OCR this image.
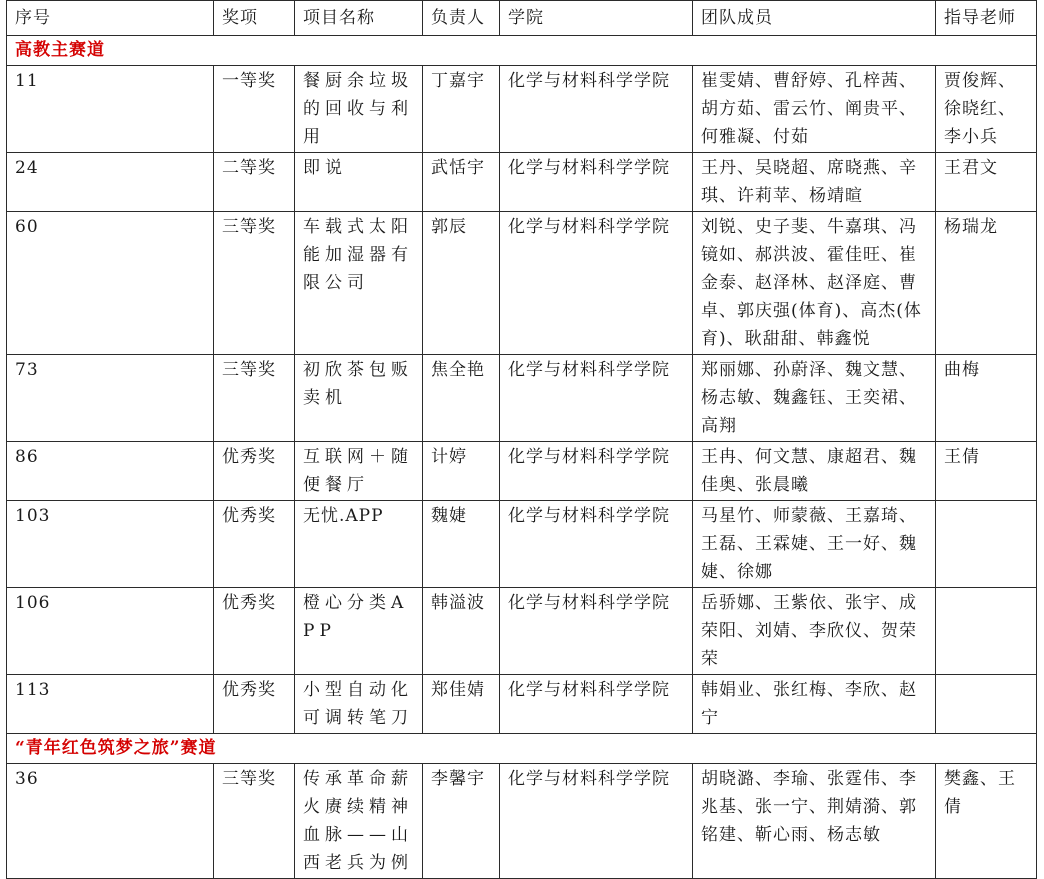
序号	奖项	项目名称	负责人	学院	团队成员	指导老师
高教主赛道						
11	一等奖	餐厨余垃圾的回收与利用	丁嘉宇	化学与材料科学学院	崔雯婧、曹舒婷、孔梓茜、胡方茹、雷云竹、阐贵平、何雅凝、付茹	贾俊辉、徐晓红、李小兵
24	二等奖	即说	武恬宇	化学与材料科学学院	王丹、吴晓超、席晓燕、辛琪、许莉苹、杨靖暄	王君文
60	三等奖	车载式太阳能加湿器有限公司	郭辰	化学与材料科学学院	刘锐、史子斐、牛嘉琪、冯镜如、郝洪波、霍佳旺、崔金泰、赵泽林、赵泽庭、曹卓、郭庆强(体育)、高杰(体育)、耿甜甜、韩鑫悦	杨瑞龙
73	三等奖	初欣茶包贩卖机	焦全艳	化学与材料科学学院	郑丽娜、孙蔚泽、魏文慧、杨志敏、魏鑫钰、王奕裙、高翔	曲梅
86	优秀奖	互联网＋随便餐厅	计婷	化学与材料科学学院	王冉、何文慧、康超君、魏佳奥、张晨曦	王倩
103	优秀奖	无忧.APP	魏婕	化学与材料科学学院	马星竹、师蒙薇、王嘉琦、王磊、王霖婕、王一好、魏婕、徐娜	
106	优秀奖	橙心分类APP	韩溢波	化学与材料科学学院	岳骄娜、王紫依、张宇、成荣阳、刘婧、李欣仪、贺荣荣	
113	优秀奖	小型自动化可调转笔刀	郑佳婧	化学与材料科学学院	韩娟业、张红梅、李欣、赵宁	
“青年红色筑梦之旅”赛道						
36	三等奖	传承革命薪火赓续精神血脉——山西老兵为例	李馨宇	化学与材料科学学院	胡晓潞、李瑜、张霆伟、李兆基、张一宁、荆婧漪、郭铭建、靳心雨、杨志敏	樊鑫、王倩
